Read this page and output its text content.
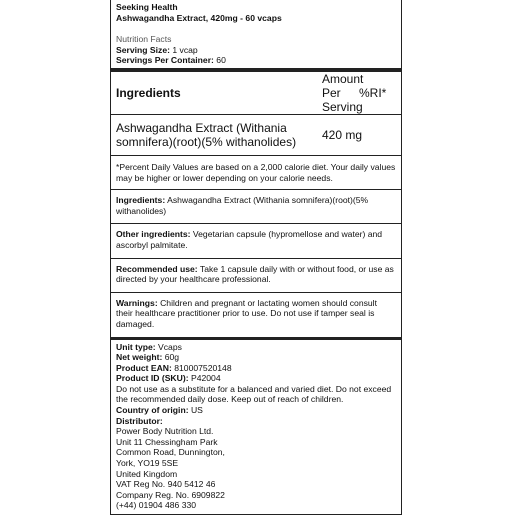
Seeking Health
Ashwagandha Extract, 420mg - 60 vcaps
Nutrition Facts
Serving Size: 1 vcap
Servings Per Container: 60
Ingredients
Amount
Per
Serving
%RI*
Ashwagandha Extract (Withania
somnifera)(root)(5% withanolides)	420 mg
*Percent Daily Values are based on a 2,000 calorie diet. Your daily values may be higher or lower depending on your calorie needs.
Ingredients: Ashwagandha Extract (Withania somnifera)(root)(5% withanolides)
Other ingredients: Vegetarian capsule (hypromellose and water) and ascorbyl palmitate.
Recommended use: Take 1 capsule daily with or without food, or use as directed by your healthcare professional.
Warnings: Children and pregnant or lactating women should consult their healthcare practitioner prior to use. Do not use if tamper seal is damaged.
Unit type: Vcaps
Net weight: 60g
Product EAN: 810007520148
Product ID (SKU): P42004
Do not use as a substitute for a balanced and varied diet. Do not exceed the recommended daily dose. Keep out of reach of children.
Country of origin: US
Distributor:
Power Body Nutrition Ltd.
Unit 11 Chessingham Park
Common Road, Dunnington,
York, YO19 5SE
United Kingdom
VAT Reg No. 940 5412 46
Company Reg. No. 6909822
(+44) 01904 486 330
